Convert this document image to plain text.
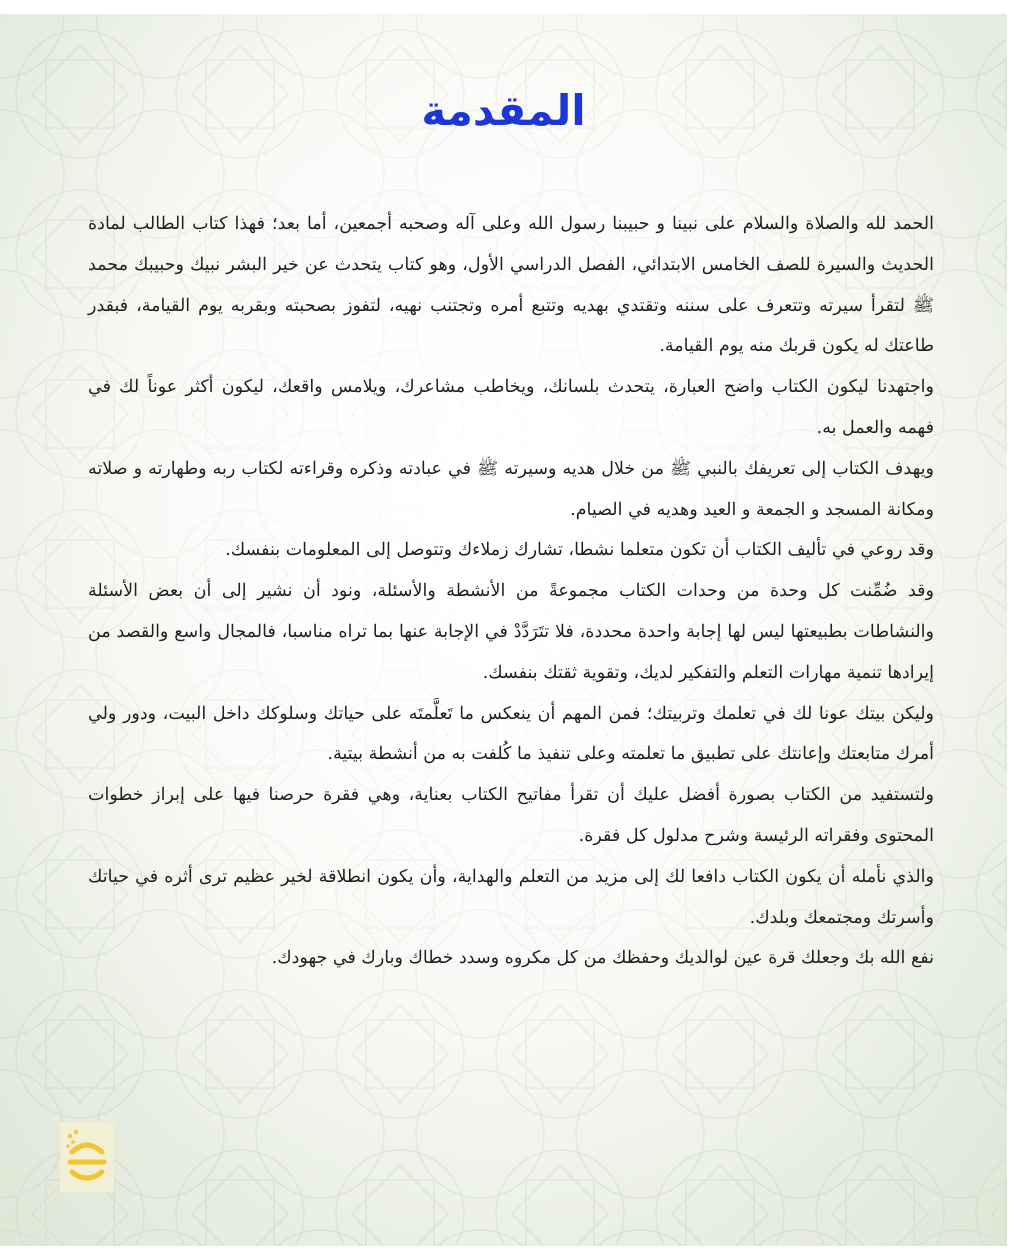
المقدمة

الحمد لله والصلاة والسلام على نبينا و حبيبنا رسول الله وعلى آله وصحبه أجمعين، أما بعد؛ فهذا كتاب الطالب لمادة الحديث والسيرة للصف الخامس الابتدائي، الفصل الدراسي الأول، وهو كتاب يتحدث عن خير البشر نبيك وحبيبك محمد ﷺ لتقرأ سيرته وتتعرف على سننه وتقتدي بهديه وتتبع أمره وتجتنب نهيه، لتفوز بصحبته وبقربه يوم القيامة، فبقدر طاعتك له يكون قربك منه يوم القيامة.

واجتهدنا ليكون الكتاب واضح العبارة، يتحدث بلسانك، ويخاطب مشاعرك، ويلامس واقعك، ليكون أكثر عوناً لك في فهمه والعمل به.

ويهدف الكتاب إلى تعريفك بالنبي ﷺ من خلال هديه وسيرته ﷺ في عبادته وذكره وقراءته لكتاب ربه وطهارته و صلاته ومكانة المسجد و الجمعة و العيد وهديه في الصيام.

وقد روعي في تأليف الكتاب أن تكون متعلما نشطا، تشارك زملاءك وتتوصل إلى المعلومات بنفسك.

وقد ضُمِّنت كل وحدة من وحدات الكتاب مجموعةً من الأنشطة والأسئلة، ونود أن نشير إلى أن بعض الأسئلة والنشاطات بطبيعتها ليس لها إجابة واحدة محددة، فلا تتَرَدَّدْ في الإجابة عنها بما تراه مناسبا، فالمجال واسع والقصد من إيرادها تنمية مهارات التعلم والتفكير لديك، وتقوية ثقتك بنفسك.

وليكن بيتك عونا لك في تعلمك وتربيتك؛ فمن المهم أن ينعكس ما تَعلَّمتَه على حياتك وسلوكك داخل البيت، ودور ولي أمرك متابعتك وإعانتك على تطبيق ما تعلمته وعلى تنفيذ ما كُلفت به من أنشطة بيتية.

ولتستفيد من الكتاب بصورة أفضل عليك أن تقرأ مفاتيح الكتاب بعناية، وهي فقرة حرصنا فيها على إبراز خطوات المحتوى وفقراته الرئيسة وشرح مدلول كل فقرة.

والذي نأمله أن يكون الكتاب دافعا لك إلى مزيد من التعلم والهداية، وأن يكون انطلاقة لخير عظيم ترى أثره في حياتك وأسرتك ومجتمعك وبلدك.

نفع الله بك وجعلك قرة عين لوالديك وحفظك من كل مكروه وسدد خطاك وبارك في جهودك.
